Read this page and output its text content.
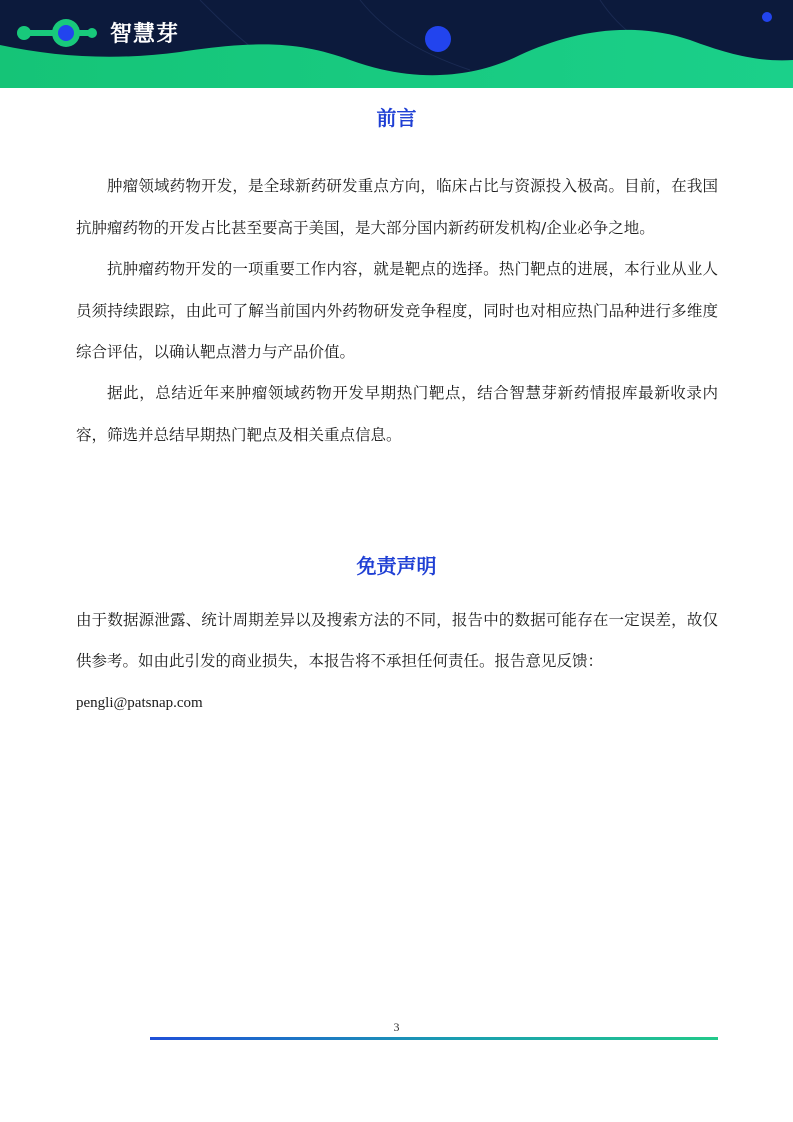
智慧芽
前言

肿瘤领域药物开发，是全球新药研发重点方向，临床占比与资源投入极高。目前，在我国抗肿瘤药物的开发占比甚至要高于美国，是大部分国内新药研发机构/企业必争之地。

抗肿瘤药物开发的一项重要工作内容，就是靶点的选择。热门靶点的进展，本行业从业人员须持续跟踪，由此可了解当前国内外药物研发竞争程度，同时也对相应热门品种进行多维度综合评估，以确认靶点潜力与产品价值。

据此，总结近年来肿瘤领域药物开发早期热门靶点，结合智慧芽新药情报库最新收录内容，筛选并总结早期热门靶点及相关重点信息。

免责声明

由于数据源泄露、统计周期差异以及搜索方法的不同，报告中的数据可能存在一定误差，故仅供参考。如由此引发的商业损失，本报告将不承担任何责任。报告意见反馈：
pengli@patsnap.com

3
